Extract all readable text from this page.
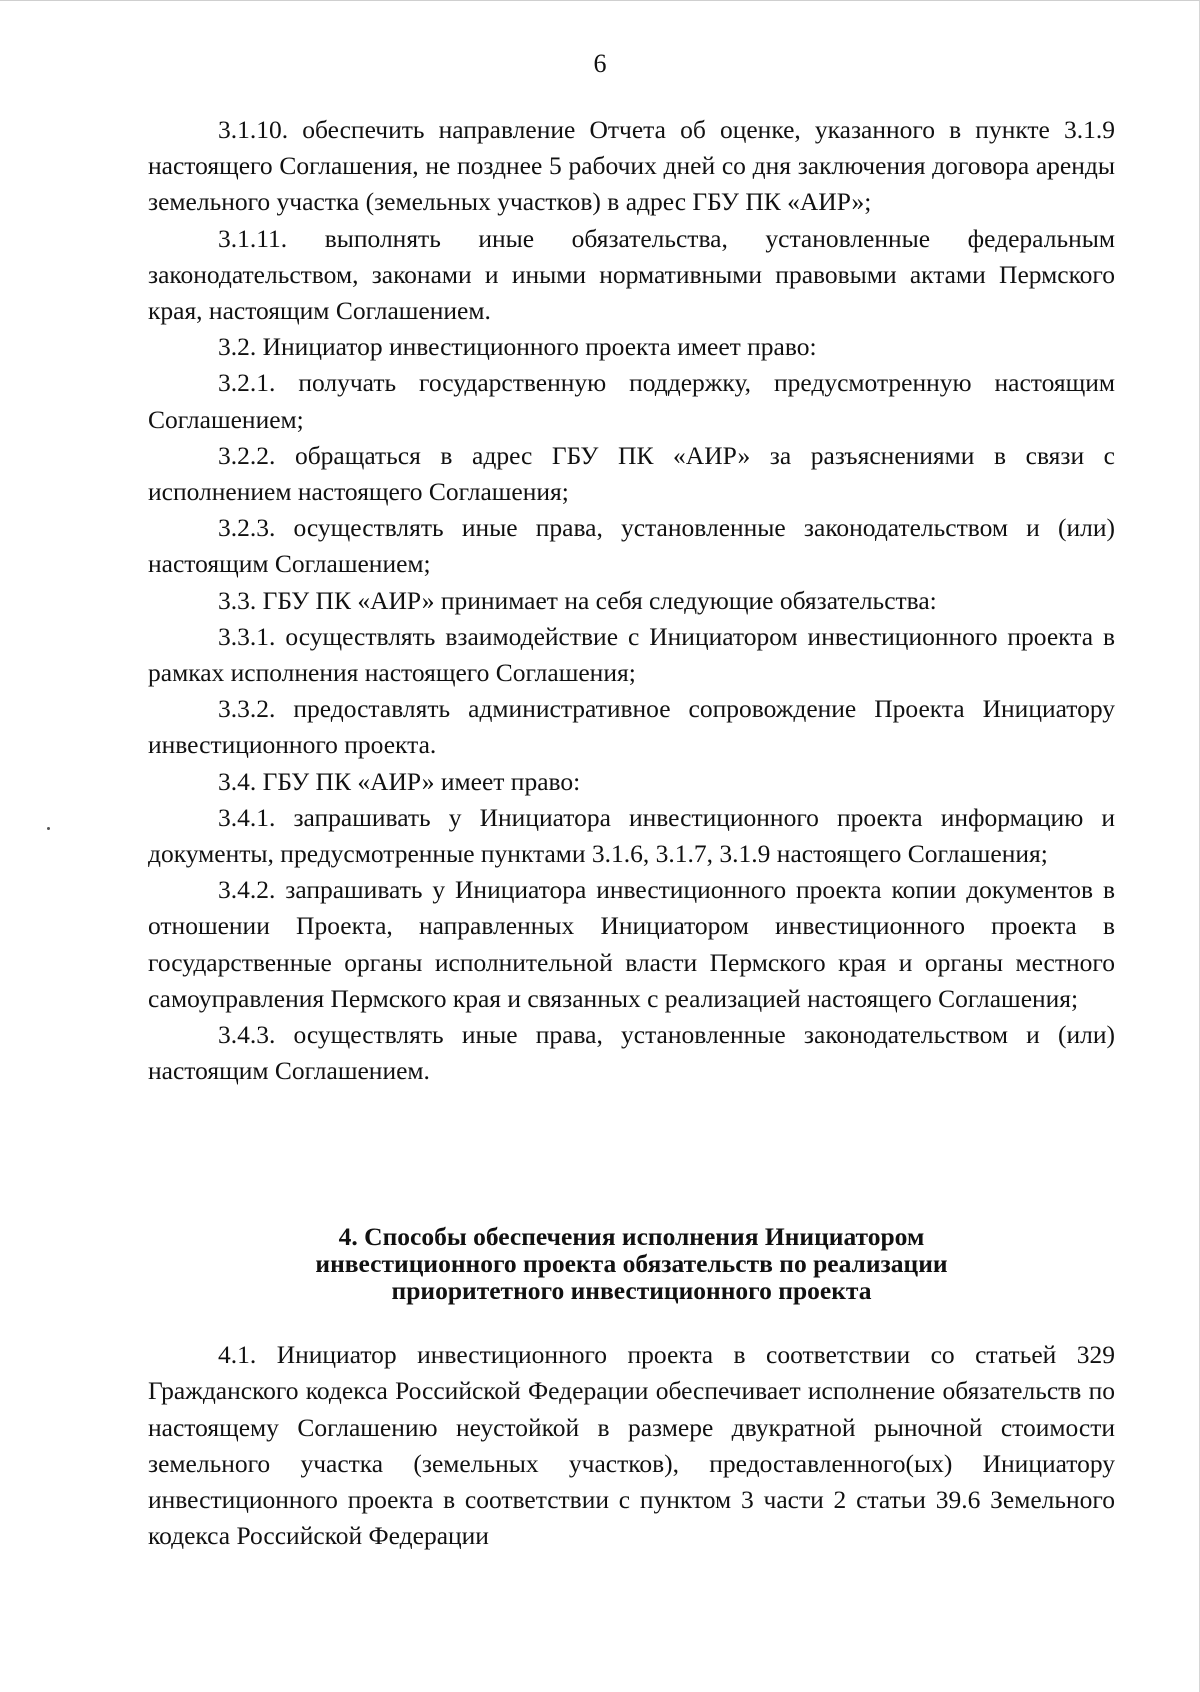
6

3.1.10. обеспечить направление Отчета об оценке, указанного в пункте 3.1.9 настоящего Соглашения, не позднее 5 рабочих дней со дня заключения договора аренды земельного участка (земельных участков) в адрес ГБУ ПК «АИР»;

3.1.11. выполнять иные обязательства, установленные федеральным законодательством, законами и иными нормативными правовыми актами Пермского края, настоящим Соглашением.

3.2. Инициатор инвестиционного проекта имеет право:

3.2.1. получать государственную поддержку, предусмотренную настоящим Соглашением;

3.2.2. обращаться в адрес ГБУ ПК «АИР» за разъяснениями в связи с исполнением настоящего Соглашения;

3.2.3. осуществлять иные права, установленные законодательством и (или) настоящим Соглашением;

3.3. ГБУ ПК «АИР» принимает на себя следующие обязательства:

3.3.1. осуществлять взаимодействие с Инициатором инвестиционного проекта в рамках исполнения настоящего Соглашения;

3.3.2. предоставлять административное сопровождение Проекта Инициатору инвестиционного проекта.

3.4. ГБУ ПК «АИР» имеет право:

3.4.1. запрашивать у Инициатора инвестиционного проекта информацию и документы, предусмотренные пунктами 3.1.6, 3.1.7, 3.1.9 настоящего Соглашения;

3.4.2. запрашивать у Инициатора инвестиционного проекта копии документов в отношении Проекта, направленных Инициатором инвестиционного проекта в государственные органы исполнительной власти Пермского края и органы местного самоуправления Пермского края и связанных с реализацией настоящего Соглашения;

3.4.3. осуществлять иные права, установленные законодательством и (или) настоящим Соглашением.

4. Способы обеспечения исполнения Инициатором
инвестиционного проекта обязательств по реализации
приоритетного инвестиционного проекта

4.1. Инициатор инвестиционного проекта в соответствии со статьей 329 Гражданского кодекса Российской Федерации обеспечивает исполнение обязательств по настоящему Соглашению неустойкой в размере двукратной рыночной стоимости земельного участка (земельных участков), предоставленного(ых) Инициатору инвестиционного проекта в соответствии с пунктом 3 части 2 статьи 39.6 Земельного кодекса Российской Федерации
